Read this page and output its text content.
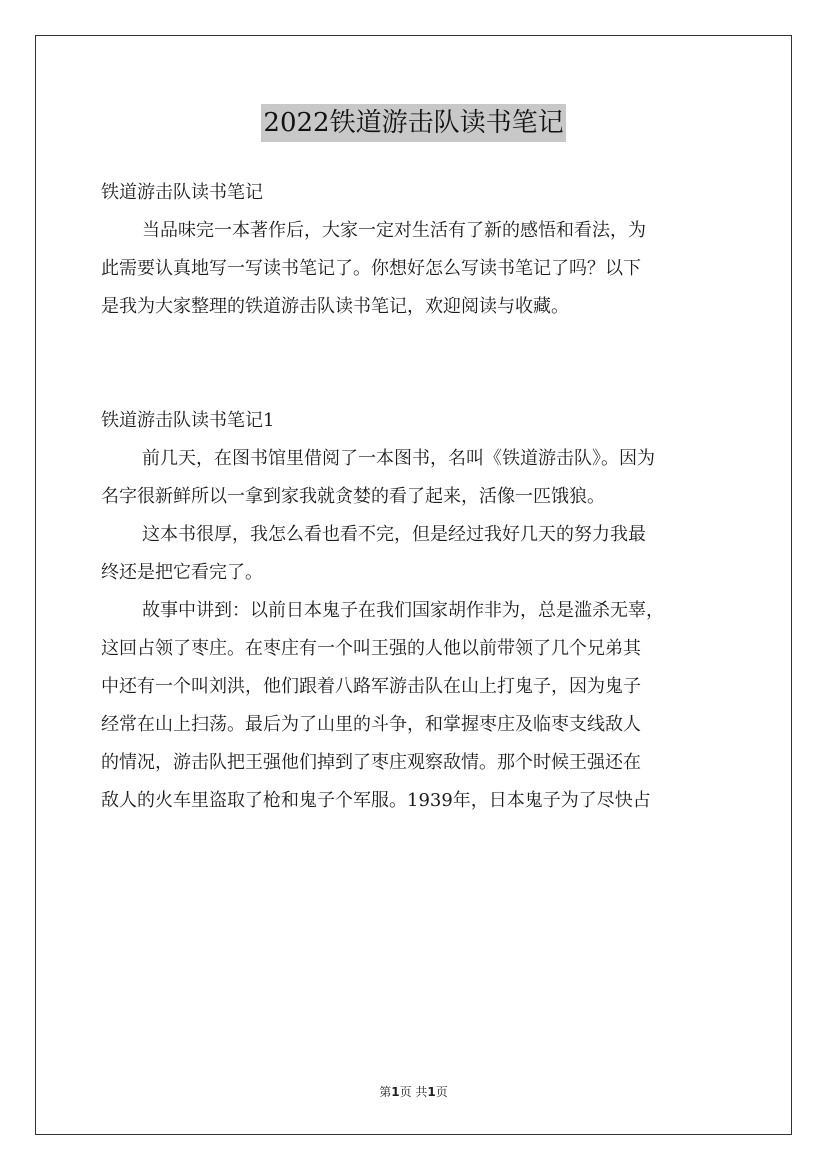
2022铁道游击队读书笔记
铁道游击队读书笔记
当品味完一本著作后，大家一定对生活有了新的感悟和看法，为
此需要认真地写一写读书笔记了。你想好怎么写读书笔记了吗？以下
是我为大家整理的铁道游击队读书笔记，欢迎阅读与收藏。
铁道游击队读书笔记1
前几天，在图书馆里借阅了一本图书，名叫《铁道游击队》。因为
名字很新鲜所以一拿到家我就贪婪的看了起来，活像一匹饿狼。
这本书很厚，我怎么看也看不完，但是经过我好几天的努力我最
终还是把它看完了。
故事中讲到：以前日本鬼子在我们国家胡作非为，总是滥杀无辜，
这回占领了枣庄。在枣庄有一个叫王强的人他以前带领了几个兄弟其
中还有一个叫刘洪，他们跟着八路军游击队在山上打鬼子，因为鬼子
经常在山上扫荡。最后为了山里的斗争，和掌握枣庄及临枣支线敌人
的情况，游击队把王强他们掉到了枣庄观察敌情。那个时候王强还在
敌人的火车里盗取了枪和鬼子个军服。1939年，日本鬼子为了尽快占
第1页 共1页
